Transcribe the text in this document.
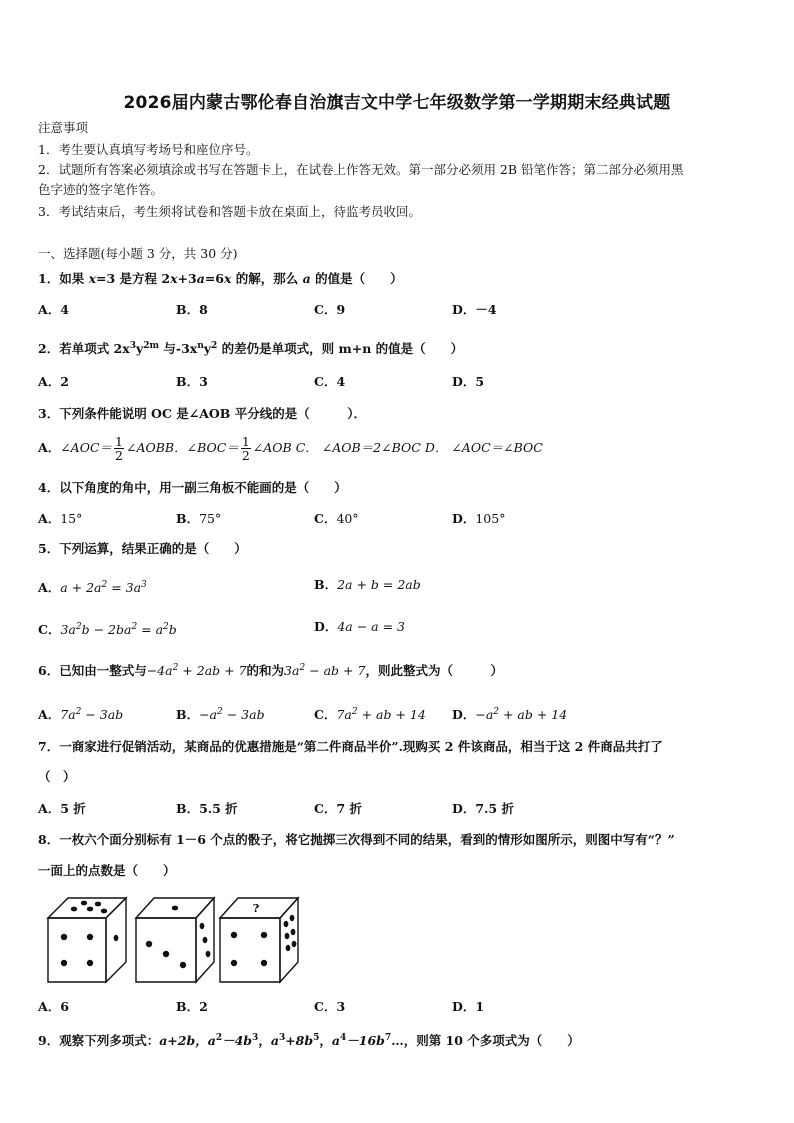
2026届内蒙古鄂伦春自治旗吉文中学七年级数学第一学期期末经典试题
注意事项
1．考生要认真填写考场号和座位序号。
2．试题所有答案必须填涂或书写在答题卡上，在试卷上作答无效。第一部分必须用 2B 铅笔作答；第二部分必须用黑
色字迹的签字笔作答。
3．考试结束后，考生须将试卷和答题卡放在桌面上，待监考员收回。
一、选择题(每小题 3 分，共 30 分)
1．如果 x=3 是方程 2x+3a=6x 的解，那么 a 的值是（　　）
A．4	B．8	C．9	D．－4
2．若单项式 $2x^3y^{2m}$ 与$-3x^ny^2$ 的差仍是单项式，则 m+n 的值是（　　）
A．2	B．3	C．4	D．5
3．下列条件能说明 OC 是∠AOB 平分线的是（　　　）．
A．∠AOC＝ $\frac{1}{2}$ ∠AOBB．∠BOC＝ $\frac{1}{2}$ ∠AOB C． ∠AOB＝2∠BOC D． ∠AOC＝∠BOC
4．以下角度的角中，用一副三角板不能画的是（　　）
A．15°	B．75°	C．40°	D．105°
5．下列运算，结果正确的是（　　）
A．$a + 2a^2 = 3a^3$	B．2a + b = 2ab
C．$3a^2b - 2ba^2 = a^2b$	D．4a − a = 3
6．已知由一整式与$-4a^2 + 2ab + 7$的和为$3a^2$ − ab + 7，则此整式为（　　　）
A．$7a^2 - 3ab$	B．$-a^2 - 3ab$	C．$7a^2$ + ab + 14 D．$-a^2$ + ab + 14
7．一商家进行促销活动，某商品的优惠措施是“第二件商品半价”.现购买 2 件该商品，相当于这 2 件商品共打了
（　）
A．5 折	B．5.5 折	C．7 折	D．7.5 折
8．一枚六个面分别标有 1－6 个点的骰子，将它抛掷三次得到不同的结果，看到的情形如图所示，则图中写有“？”
一面上的点数是（　　）
?
A．6	B．2	C．3	D．1
9．观察下列多项式：a+2b，$a^2-4b^3$，$a^3+8b^5$，$a^4-16b^7\dots$，则第 10 个多项式为（　　）
